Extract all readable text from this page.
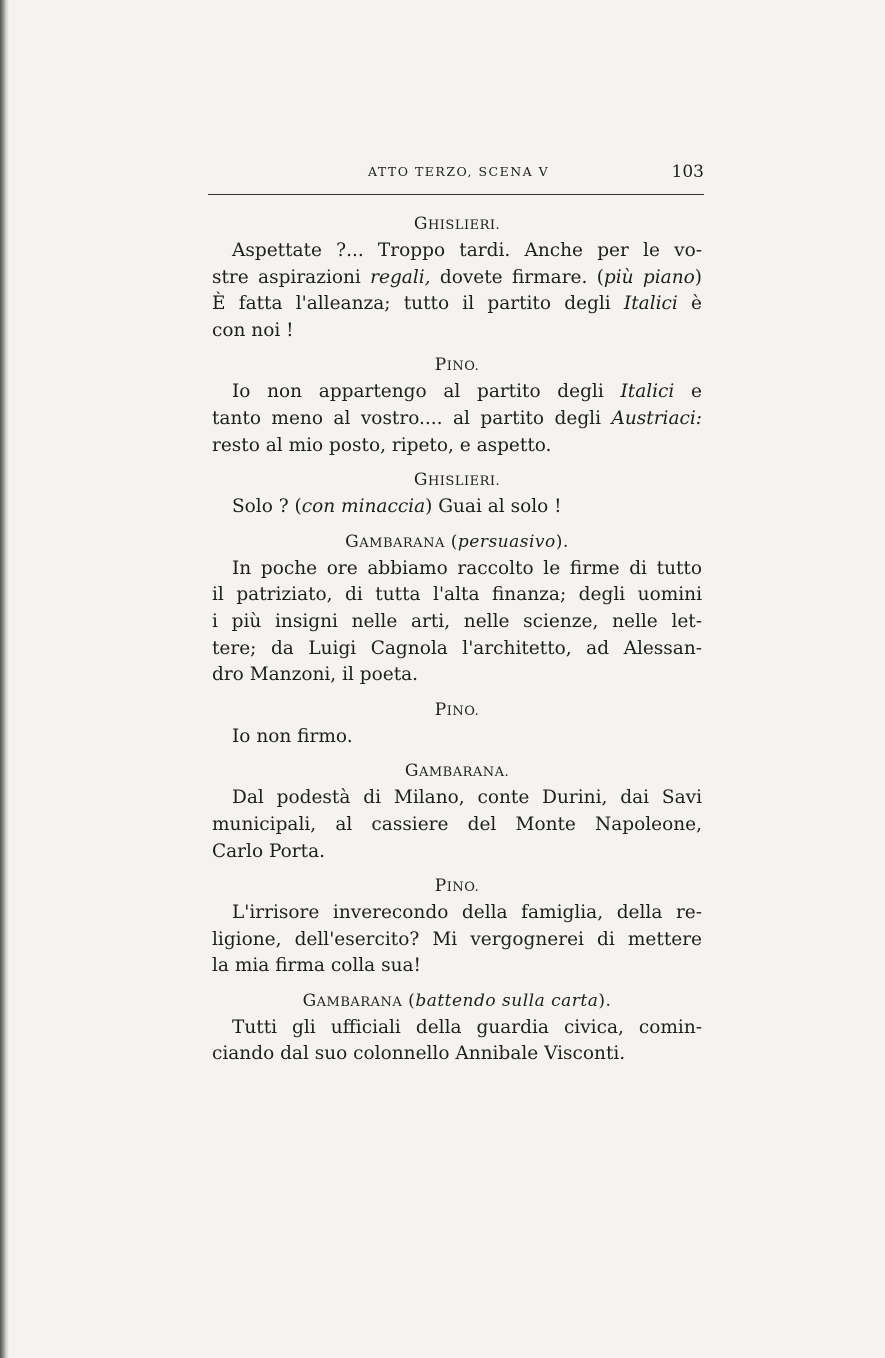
ATTO TERZO, SCENA V	103
GHISLIERI.
Aspettate ?... Troppo tardi. Anche per le vo-
stre aspirazioni regali, dovete firmare. (più piano)
È fatta l'alleanza; tutto il partito degli Italici è
con noi !
PINO.
Io non appartengo al partito degli Italici e
tanto meno al vostro.... al partito degli Austriaci:
resto al mio posto, ripeto, e aspetto.
GHISLIERI.
Solo ? (con minaccia) Guai al solo !
GAMBARANA (persuasivo).
In poche ore abbiamo raccolto le firme di tutto
il patriziato, di tutta l'alta finanza; degli uomini
i più insigni nelle arti, nelle scienze, nelle let-
tere; da Luigi Cagnola l'architetto, ad Alessan-
dro Manzoni, il poeta.
PINO.
Io non firmo.
GAMBARANA.
Dal podestà di Milano, conte Durini, dai Savi
municipali, al cassiere del Monte Napoleone,
Carlo Porta.
PINO.
L'irrisore inverecondo della famiglia, della re-
ligione, dell'esercito? Mi vergognerei di mettere
la mia firma colla sua!
GAMBARANA (battendo sulla carta).
Tutti gli ufficiali della guardia civica, comin-
ciando dal suo colonnello Annibale Visconti.
